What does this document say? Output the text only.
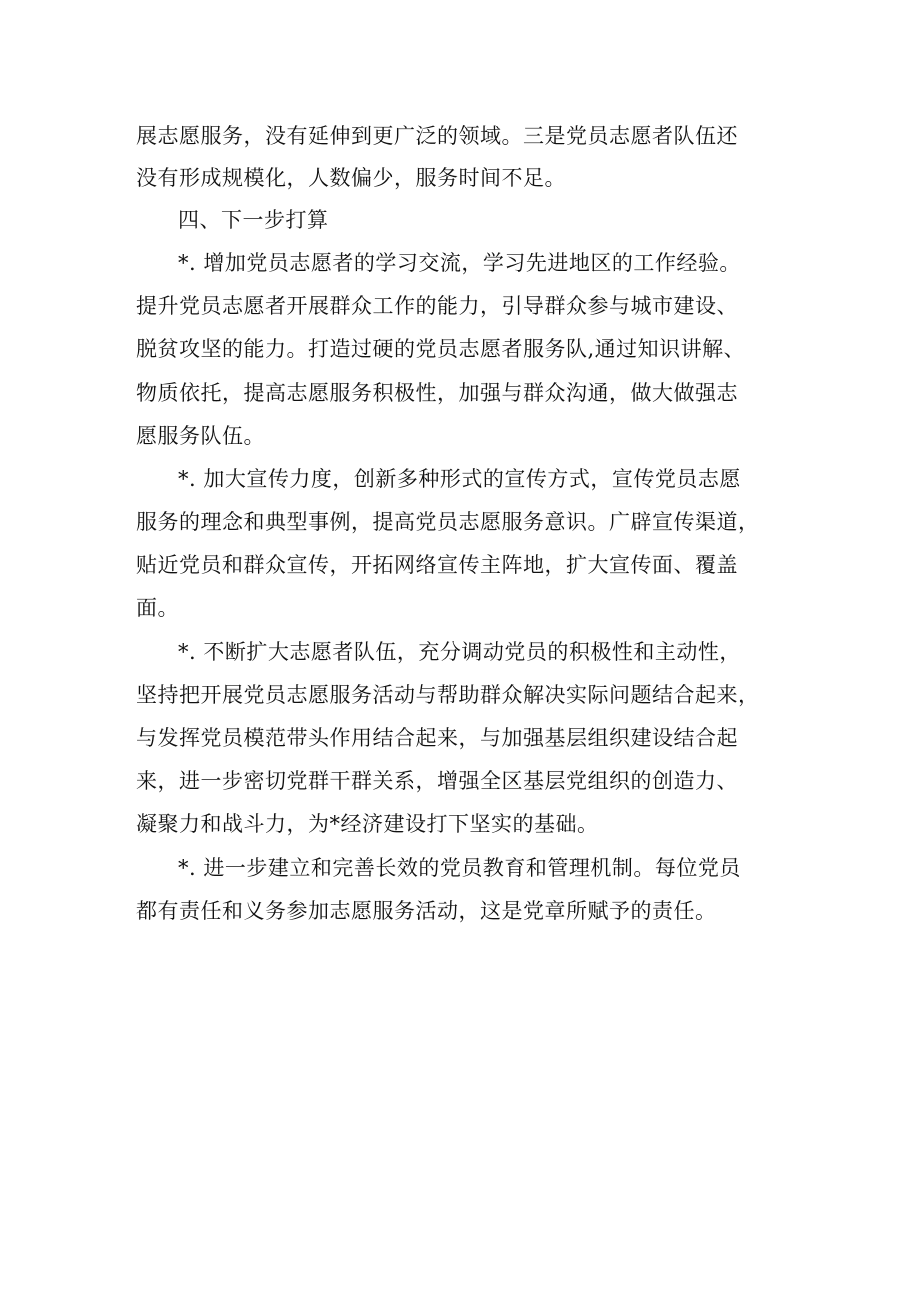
展志愿服务，没有延伸到更广泛的领域。三是党员志愿者队伍还
没有形成规模化，人数偏少，服务时间不足。
四、下一步打算
*. 增加党员志愿者的学习交流，学习先进地区的工作经验。
提升党员志愿者开展群众工作的能力，引导群众参与城市建设、
脱贫攻坚的能力。打造过硬的党员志愿者服务队,通过知识讲解、
物质依托，提高志愿服务积极性，加强与群众沟通，做大做强志
愿服务队伍。
*. 加大宣传力度，创新多种形式的宣传方式，宣传党员志愿
服务的理念和典型事例，提高党员志愿服务意识。广辟宣传渠道，
贴近党员和群众宣传，开拓网络宣传主阵地，扩大宣传面、覆盖
面。
*. 不断扩大志愿者队伍，充分调动党员的积极性和主动性，
坚持把开展党员志愿服务活动与帮助群众解决实际问题结合起来，
与发挥党员模范带头作用结合起来，与加强基层组织建设结合起
来，进一步密切党群干群关系，增强全区基层党组织的创造力、
凝聚力和战斗力，为*经济建设打下坚实的基础。
*. 进一步建立和完善长效的党员教育和管理机制。每位党员
都有责任和义务参加志愿服务活动，这是党章所赋予的责任。
